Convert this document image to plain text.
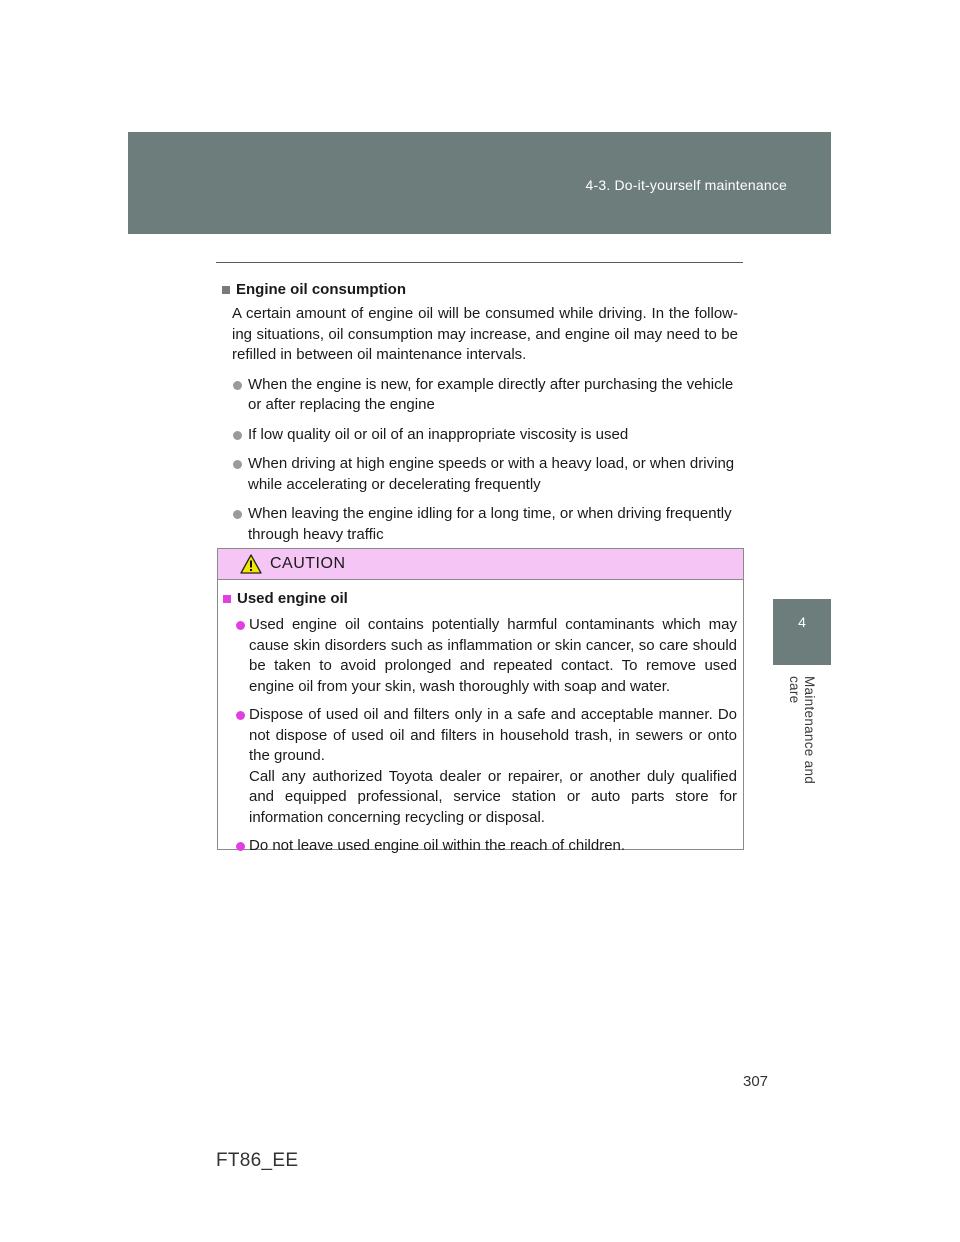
4-3. Do-it-yourself maintenance
4
Maintenance and care
Engine oil consumption
A certain amount of engine oil will be consumed while driving. In the follow-ing situations, oil consumption may increase, and engine oil may need to be refilled in between oil maintenance intervals.
When the engine is new, for example directly after purchasing the vehicle or after replacing the engine
If low quality oil or oil of an inappropriate viscosity is used
When driving at high engine speeds or with a heavy load, or when driving while accelerating or decelerating frequently
When leaving the engine idling for a long time, or when driving frequently through heavy traffic
CAUTION
Used engine oil
Used engine oil contains potentially harmful contaminants which may cause skin disorders such as inflammation or skin cancer, so care should be taken to avoid prolonged and repeated contact. To remove used engine oil from your skin, wash thoroughly with soap and water.
Dispose of used oil and filters only in a safe and acceptable manner. Do not dispose of used oil and filters in household trash, in sewers or onto the ground.
Call any authorized Toyota dealer or repairer, or another duly qualified and equipped professional, service station or auto parts store for information concerning recycling or disposal.
Do not leave used engine oil within the reach of children.
307
FT86_EE
